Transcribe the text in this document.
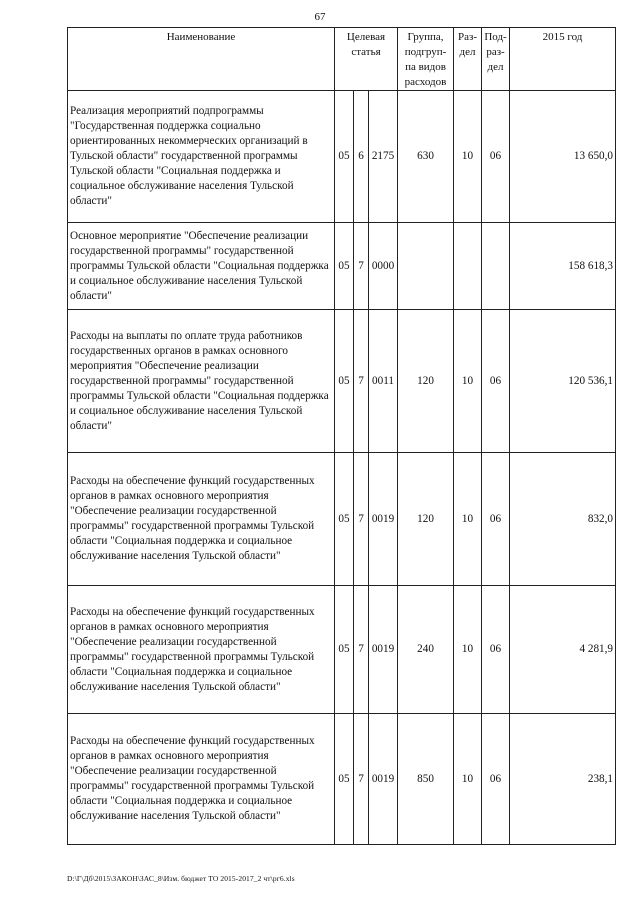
67
Наименование	Целевая статья			Группа, подгруп-па видов расходов	Раз-дел	Под-раз-дел	2015 год
Реализация мероприятий подпрограммы "Государственная поддержка социально ориентированных некоммерческих организаций в Тульской области" государственной программы Тульской области "Социальная поддержка и социальное обслуживание населения Тульской области"	05	6	2175	630	10	06	13 650,0
Основное мероприятие "Обеспечение реализации государственной программы" государственной программы Тульской области "Социальная поддержка и социальное обслуживание населения Тульской области"	05	7	0000				158 618,3
Расходы на выплаты по оплате труда работников государственных органов в рамках основного мероприятия "Обеспечение реализации государственной программы" государственной программы Тульской области "Социальная поддержка и социальное обслуживание населения Тульской области"	05	7	0011	120	10	06	120 536,1
Расходы на обеспечение функций государственных органов в рамках основного мероприятия "Обеспечение реализации государственной программы" государственной программы Тульской области "Социальная поддержка и социальное обслуживание населения Тульской области"	05	7	0019	120	10	06	832,0
Расходы на обеспечение функций государственных органов в рамках основного мероприятия "Обеспечение реализации государственной программы" государственной программы Тульской области "Социальная поддержка и социальное обслуживание населения Тульской области"	05	7	0019	240	10	06	4 281,9
Расходы на обеспечение функций государственных органов в рамках основного мероприятия "Обеспечение реализации государственной программы" государственной программы Тульской области "Социальная поддержка и социальное обслуживание населения Тульской области"	05	7	0019	850	10	06	238,1
D:\Г\Дб\2015\ЗАКОН\ЗАС_8\Изм. бюджет ТО 2015-2017_2 чт\рг6.xls
